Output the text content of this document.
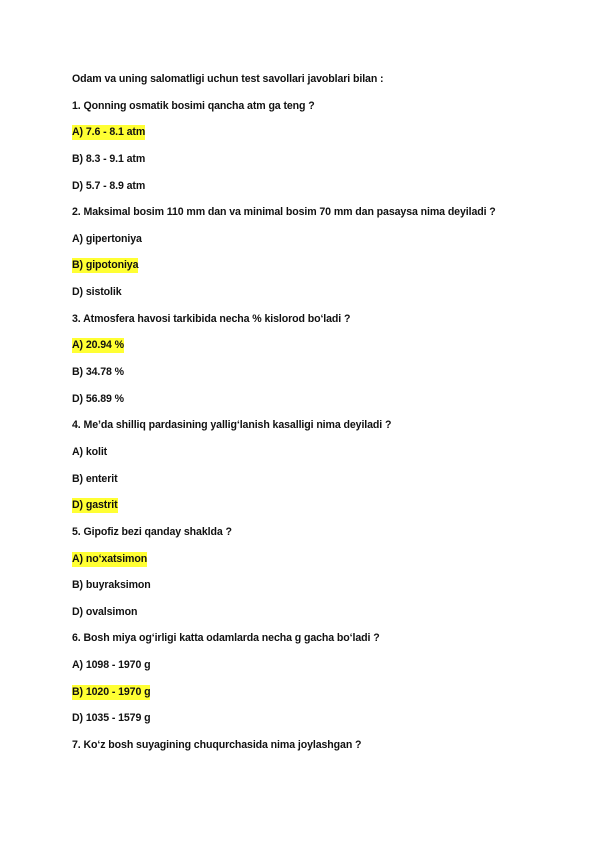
Odam va uning salomatligi uchun test savollari javoblari bilan :
1. Qonning osmatik bosimi qancha atm ga teng ?
A) 7.6 - 8.1 atm
B) 8.3 - 9.1 atm
D) 5.7 - 8.9 atm
2. Maksimal bosim 110 mm dan va minimal bosim 70 mm dan pasaysa nima deyiladi ?
A) gipertoniya
B) gipotoniya
D) sistolik
3. Atmosfera havosi tarkibida necha % kislorod bo‘ladi ?
A) 20.94 %
B) 34.78 %
D) 56.89 %
4. Me’da shilliq pardasining yallig‘lanish kasalligi nima deyiladi ?
A) kolit
B) enterit
D) gastrit
5. Gipofiz bezi qanday shaklda ?
A) no‘xatsimon
B) buyraksimon
D) ovalsimon
6. Bosh miya og‘irligi katta odamlarda necha g gacha bo‘ladi ?
A) 1098 - 1970 g
B) 1020 - 1970 g
D) 1035 - 1579 g
7. Ko‘z bosh suyagining chuqurchasida nima joylashgan ?
